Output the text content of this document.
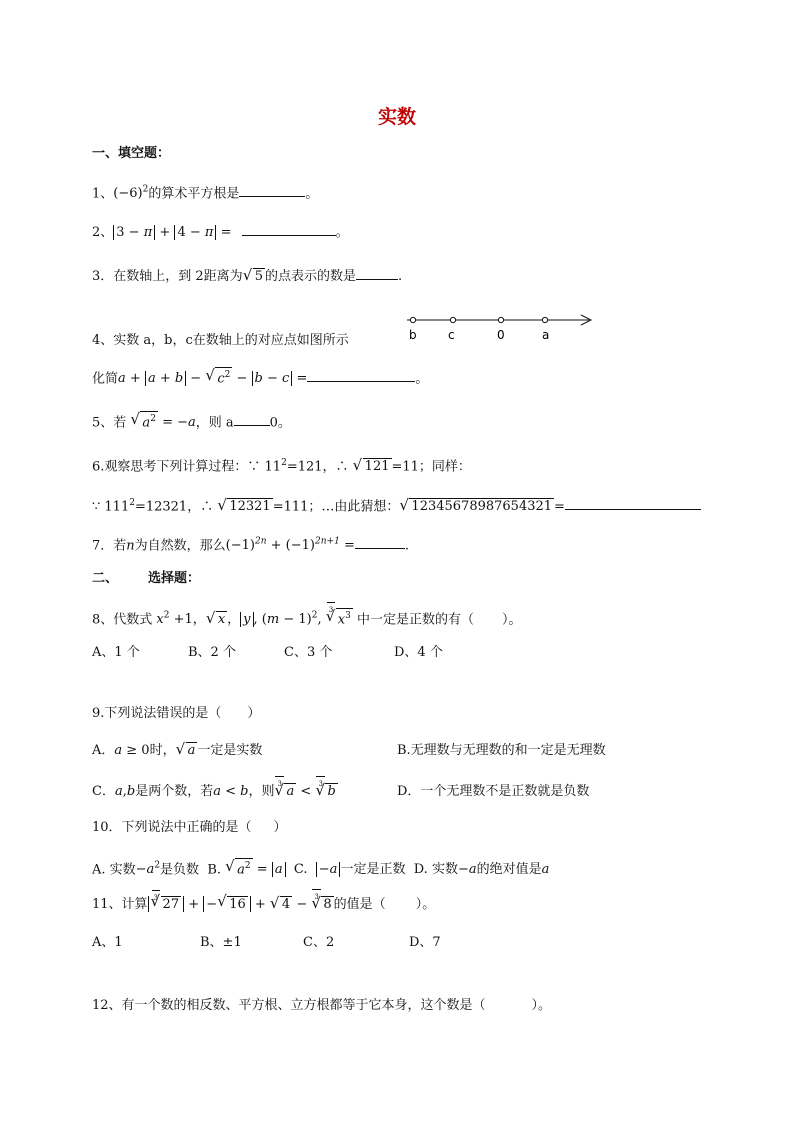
实数
一、填空题：
1、$(-6)^2$的算术平方根是	。
2、 3 − π + 4 − π =	。
3．在数轴上，到 2距离为 √ 5 的点表示的数是	.
b	c	0	a
4、实数 a，b，c在数轴上的对应点如图所示
化简a + a + b − √ $c^2 - b - c$ =	。
5、若 √ $a^2 = -a$，则 a	0。
6.观察思考下列计算过程：∵ $11^2=121$，∴ √ 121 =11；同样：
∵ $111^2=12321$，∴ √ 12321 =111；…由此猜想： √ 12345678987654321 =
7．若n为自然数，那么$(-1)^{2n} + (-1)^{2n+1}$ =	.
二、 选择题：
8、代数式 $x^2 +1$， √ x ， y , $(m - 1)^2$,
√ 3
$x^3$ 中一定是正数的有（ ）。
A、1 个	B、2 个	C、3 个	D、4 个
9.下列说法错误的是（ ）
A．a ≥ 0时， √ a 一定是实数	B.无理数与无理数的和一定是无理数
C．a,b是两个数，若a < b，则 √ 3 a < √ 3 b	D．一个无理数不是正数就是负数
10．下列说法中正确的是（ ）
A. 实数$-a^2$是负数 B. √ $a^2 = a$ C. −a 一定是正数 D. 实数−a的绝对值是a
11、计算 √ 3 27 + − √ 16 + √ 4 − √ 3 8 的值是（ ）。
A、1	B、±1	C、2	D、7
12、有一个数的相反数、平方根、立方根都等于它本身，这个数是（	）。
